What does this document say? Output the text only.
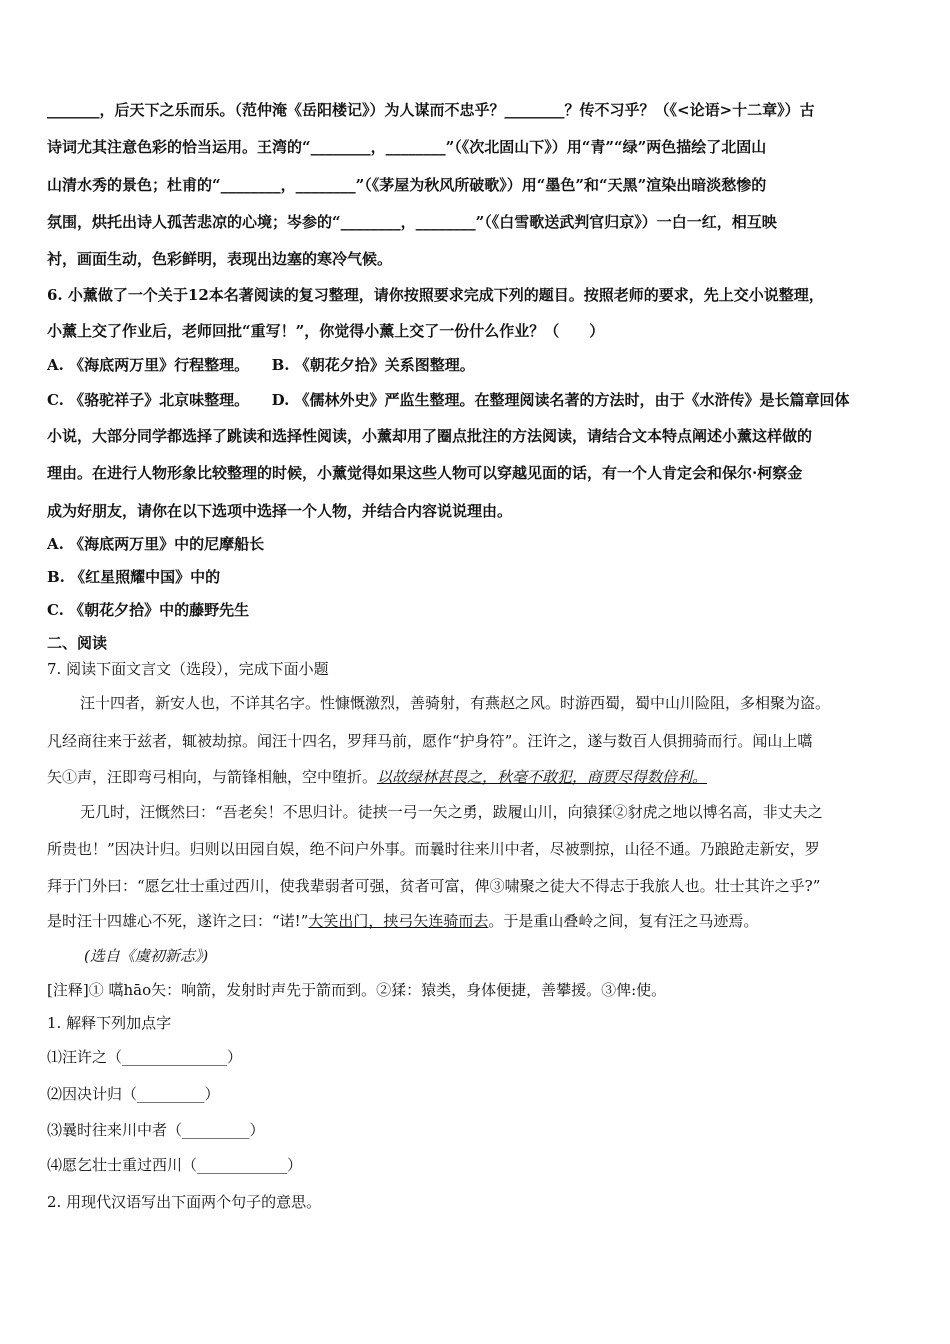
_______，后天下之乐而乐。（范仲淹《岳阳楼记》）为人谋而不忠乎？________？传不习乎？（《<论语>十二章》）古
诗词尤其注意色彩的恰当运用。王湾的“________，________”（《次北固山下》）用“青”“绿”两色描绘了北固山
山清水秀的景色；杜甫的“________，________”（《茅屋为秋风所破歌》）用“墨色”和“天黑”渲染出暗淡愁惨的
氛围，烘托出诗人孤苦悲凉的心境；岑参的“________，________”（《白雪歌送武判官归京》）一白一红，相互映
衬，画面生动，色彩鲜明，表现出边塞的寒冷气候。
6. 小薰做了一个关于12本名著阅读的复习整理，请你按照要求完成下列的题目。按照老师的要求，先上交小说整理，
小薰上交了作业后，老师回批“重写！”，你觉得小薰上交了一份什么作业？（　　）
A. 《海底两万里》行程整理。　　B. 《朝花夕拾》关系图整理。
C. 《骆驼祥子》北京味整理。　　D. 《儒林外史》严监生整理。在整理阅读名著的方法时，由于《水浒传》是长篇章回体
小说，大部分同学都选择了跳读和选择性阅读，小薰却用了圈点批注的方法阅读，请结合文本特点阐述小薰这样做的
理由。在进行人物形象比较整理的时候，小薰觉得如果这些人物可以穿越见面的话，有一个人肯定会和保尔·柯察金
成为好朋友，请你在以下选项中选择一个人物，并结合内容说说理由。
A. 《海底两万里》中的尼摩船长
B. 《红星照耀中国》中的
C. 《朝花夕拾》中的藤野先生
二、阅读
7. 阅读下面文言文（选段），完成下面小题
汪十四者，新安人也，不详其名字。性慷慨激烈，善骑射，有燕赵之风。时游西蜀，蜀中山川险阻，多相聚为盗。
凡经商往来于兹者，辄被劫掠。闻汪十四名，罗拜马前，愿作“护身符”。汪许之，遂与数百人俱拥骑而行。闻山上嚆
矢①声，汪即弯弓相向，与箭锋相触，空中堕折。以故绿林甚畏之，秋毫不敢犯，商贾尽得数倍利。
无几时，汪慨然曰：“吾老矣！不思归计。徒挟一弓一矢之勇，跋履山川，向猿猱②豺虎之地以博名高，非丈夫之
所贵也！”因决计归。归则以田园自娱，绝不问户外事。而曩时往来川中者，尽被剽掠，山径不通。乃踉跄走新安，罗
拜于门外曰：“愿乞壮士重过西川，使我辈弱者可强，贫者可富，俾③啸聚之徒大不得志于我旅人也。壮士其许之乎?”
是时汪十四雄心不死，遂许之曰：“诺!”大笑出门，挟弓矢连骑而去。于是重山叠岭之间，复有汪之马迹焉。
(选自《虞初新志》)
[注释]① 嚆hāo矢：响箭，发射时声先于箭而到。②猱：猿类，身体便捷，善攀援。③俾:使。
1. 解释下列加点字
⑴汪许之（______________）
⑵因决计归（_________）
⑶曩时往来川中者（_________）
⑷愿乞壮士重过西川（____________）
2. 用现代汉语写出下面两个句子的意思。
